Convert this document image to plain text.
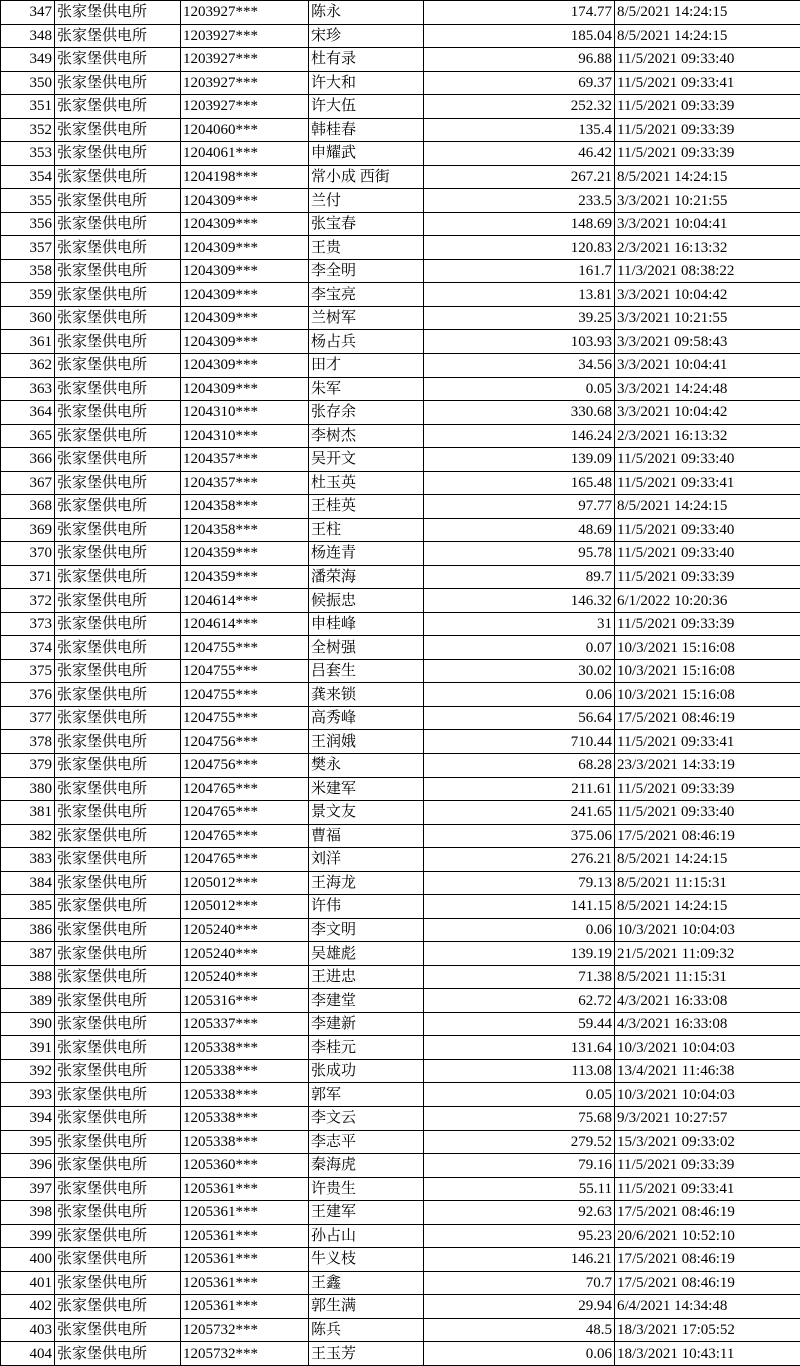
347	张家堡供电所	1203927***	陈永	174.77	8/5/2021 14:24:15
348	张家堡供电所	1203927***	宋珍	185.04	8/5/2021 14:24:15
349	张家堡供电所	1203927***	杜有录	96.88	11/5/2021 09:33:40
350	张家堡供电所	1203927***	许大和	69.37	11/5/2021 09:33:41
351	张家堡供电所	1203927***	许大伍	252.32	11/5/2021 09:33:39
352	张家堡供电所	1204060***	韩桂春	135.4	11/5/2021 09:33:39
353	张家堡供电所	1204061***	申耀武	46.42	11/5/2021 09:33:39
354	张家堡供电所	1204198***	常小成 西街	267.21	8/5/2021 14:24:15
355	张家堡供电所	1204309***	兰付	233.5	3/3/2021 10:21:55
356	张家堡供电所	1204309***	张宝春	148.69	3/3/2021 10:04:41
357	张家堡供电所	1204309***	王贵	120.83	2/3/2021 16:13:32
358	张家堡供电所	1204309***	李全明	161.7	11/3/2021 08:38:22
359	张家堡供电所	1204309***	李宝亮	13.81	3/3/2021 10:04:42
360	张家堡供电所	1204309***	兰树军	39.25	3/3/2021 10:21:55
361	张家堡供电所	1204309***	杨占兵	103.93	3/3/2021 09:58:43
362	张家堡供电所	1204309***	田才	34.56	3/3/2021 10:04:41
363	张家堡供电所	1204309***	朱军	0.05	3/3/2021 14:24:48
364	张家堡供电所	1204310***	张存余	330.68	3/3/2021 10:04:42
365	张家堡供电所	1204310***	李树杰	146.24	2/3/2021 16:13:32
366	张家堡供电所	1204357***	吴开文	139.09	11/5/2021 09:33:40
367	张家堡供电所	1204357***	杜玉英	165.48	11/5/2021 09:33:41
368	张家堡供电所	1204358***	王桂英	97.77	8/5/2021 14:24:15
369	张家堡供电所	1204358***	王柱	48.69	11/5/2021 09:33:40
370	张家堡供电所	1204359***	杨连青	95.78	11/5/2021 09:33:40
371	张家堡供电所	1204359***	潘荣海	89.7	11/5/2021 09:33:39
372	张家堡供电所	1204614***	候振忠	146.32	6/1/2022 10:20:36
373	张家堡供电所	1204614***	申桂峰	31	11/5/2021 09:33:39
374	张家堡供电所	1204755***	全树强	0.07	10/3/2021 15:16:08
375	张家堡供电所	1204755***	吕套生	30.02	10/3/2021 15:16:08
376	张家堡供电所	1204755***	龚来锁	0.06	10/3/2021 15:16:08
377	张家堡供电所	1204755***	高秀峰	56.64	17/5/2021 08:46:19
378	张家堡供电所	1204756***	王润娥	710.44	11/5/2021 09:33:41
379	张家堡供电所	1204756***	樊永	68.28	23/3/2021 14:33:19
380	张家堡供电所	1204765***	米建军	211.61	11/5/2021 09:33:39
381	张家堡供电所	1204765***	景文友	241.65	11/5/2021 09:33:40
382	张家堡供电所	1204765***	曹福	375.06	17/5/2021 08:46:19
383	张家堡供电所	1204765***	刘洋	276.21	8/5/2021 14:24:15
384	张家堡供电所	1205012***	王海龙	79.13	8/5/2021 11:15:31
385	张家堡供电所	1205012***	许伟	141.15	8/5/2021 14:24:15
386	张家堡供电所	1205240***	李文明	0.06	10/3/2021 10:04:03
387	张家堡供电所	1205240***	吴雄彪	139.19	21/5/2021 11:09:32
388	张家堡供电所	1205240***	王进忠	71.38	8/5/2021 11:15:31
389	张家堡供电所	1205316***	李建堂	62.72	4/3/2021 16:33:08
390	张家堡供电所	1205337***	李建新	59.44	4/3/2021 16:33:08
391	张家堡供电所	1205338***	李桂元	131.64	10/3/2021 10:04:03
392	张家堡供电所	1205338***	张成功	113.08	13/4/2021 11:46:38
393	张家堡供电所	1205338***	郭军	0.05	10/3/2021 10:04:03
394	张家堡供电所	1205338***	李文云	75.68	9/3/2021 10:27:57
395	张家堡供电所	1205338***	李志平	279.52	15/3/2021 09:33:02
396	张家堡供电所	1205360***	秦海虎	79.16	11/5/2021 09:33:39
397	张家堡供电所	1205361***	许贵生	55.11	11/5/2021 09:33:41
398	张家堡供电所	1205361***	王建军	92.63	17/5/2021 08:46:19
399	张家堡供电所	1205361***	孙占山	95.23	20/6/2021 10:52:10
400	张家堡供电所	1205361***	牛义枝	146.21	17/5/2021 08:46:19
401	张家堡供电所	1205361***	王鑫	70.7	17/5/2021 08:46:19
402	张家堡供电所	1205361***	郭生满	29.94	6/4/2021 14:34:48
403	张家堡供电所	1205732***	陈兵	48.5	18/3/2021 17:05:52
404	张家堡供电所	1205732***	王玉芳	0.06	18/3/2021 10:43:11
